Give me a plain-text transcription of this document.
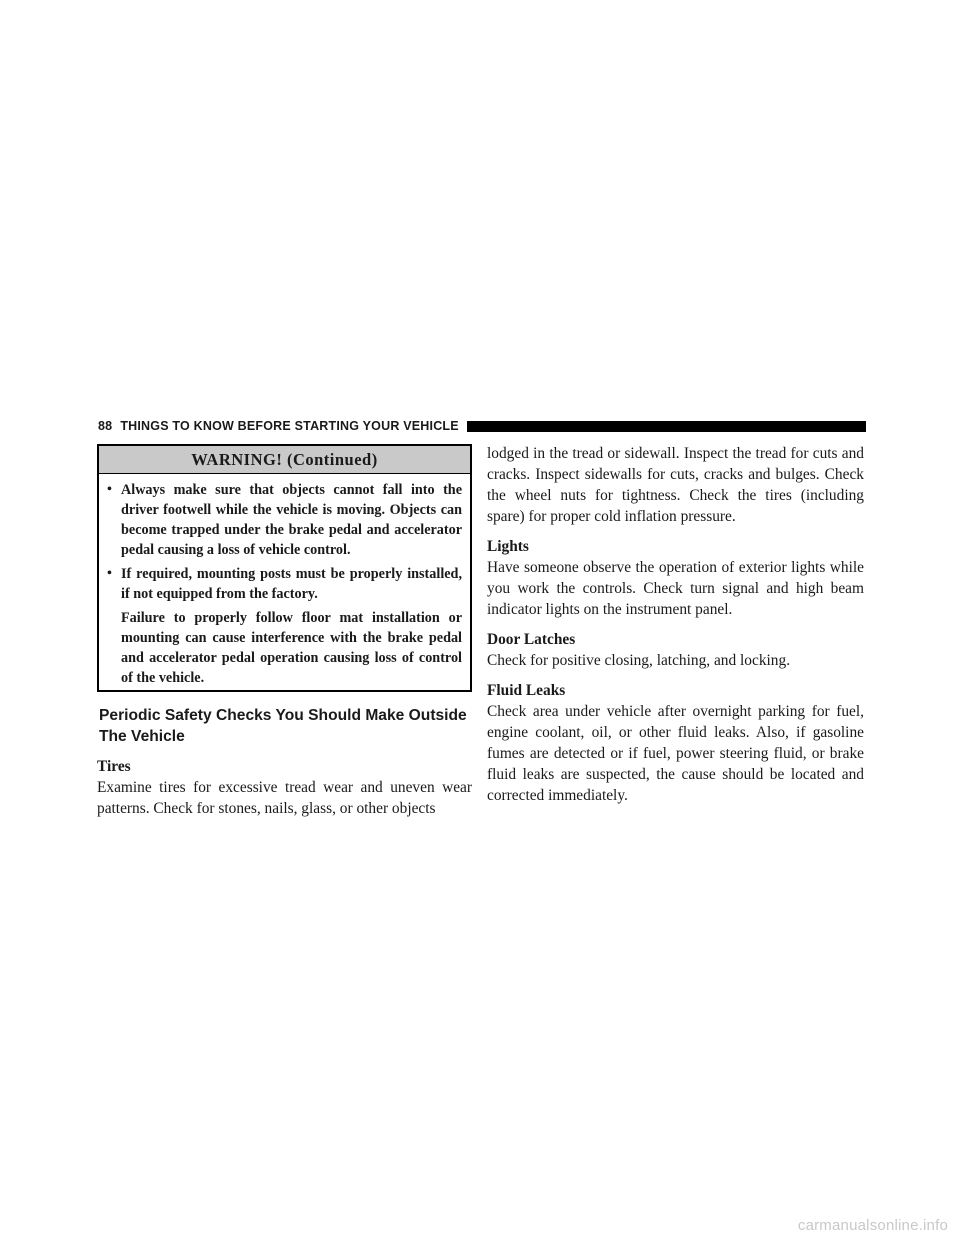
88 THINGS TO KNOW BEFORE STARTING YOUR VEHICLE
WARNING! (Continued)
• Always make sure that objects cannot fall into the driver footwell while the vehicle is moving. Objects can become trapped under the brake pedal and accelerator pedal causing a loss of vehicle control.
• If required, mounting posts must be properly installed, if not equipped from the factory.
Failure to properly follow floor mat installation or mounting can cause interference with the brake pedal and accelerator pedal operation causing loss of control of the vehicle.
Periodic Safety Checks You Should Make Outside The Vehicle
Tires
Examine tires for excessive tread wear and uneven wear patterns. Check for stones, nails, glass, or other objects
lodged in the tread or sidewall. Inspect the tread for cuts and cracks. Inspect sidewalls for cuts, cracks and bulges. Check the wheel nuts for tightness. Check the tires (including spare) for proper cold inflation pressure.
Lights
Have someone observe the operation of exterior lights while you work the controls. Check turn signal and high beam indicator lights on the instrument panel.
Door Latches
Check for positive closing, latching, and locking.
Fluid Leaks
Check area under vehicle after overnight parking for fuel, engine coolant, oil, or other fluid leaks. Also, if gasoline fumes are detected or if fuel, power steering fluid, or brake fluid leaks are suspected, the cause should be located and corrected immediately.
carmanualsonline.info
